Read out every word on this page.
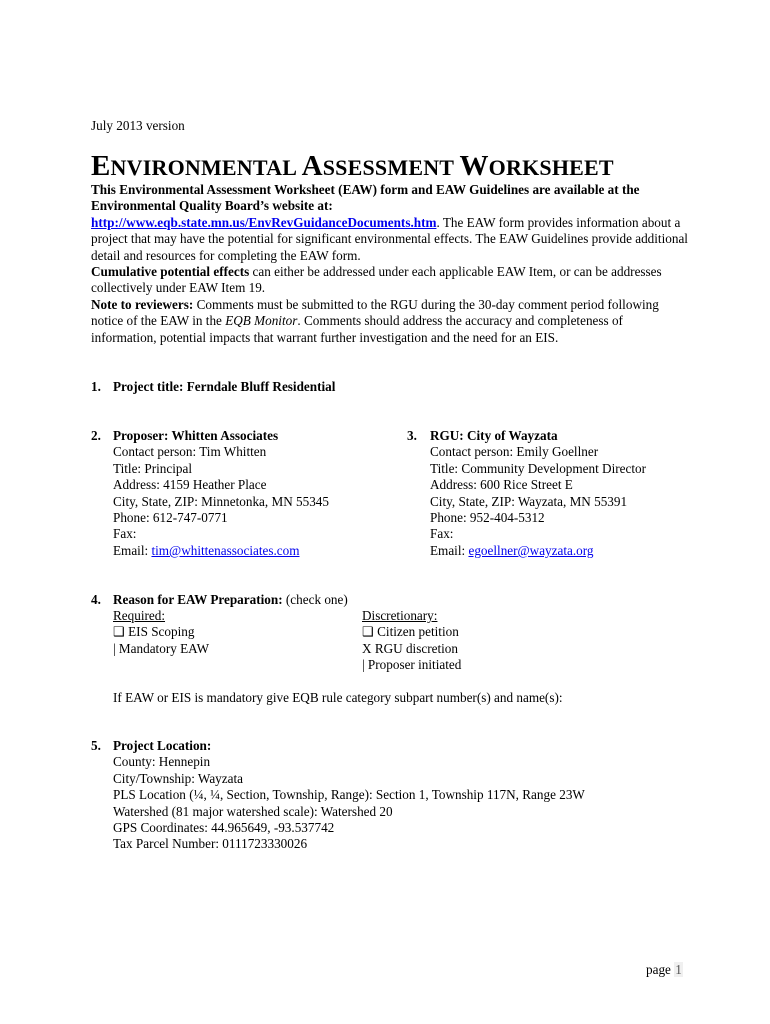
July 2013 version
ENVIRONMENTAL ASSESSMENT WORKSHEET
This Environmental Assessment Worksheet (EAW) form and EAW Guidelines are available at the Environmental Quality Board’s website at:
http://www.eqb.state.mn.us/EnvRevGuidanceDocuments.htm. The EAW form provides information about a project that may have the potential for significant environmental effects. The EAW Guidelines provide additional detail and resources for completing the EAW form.
Cumulative potential effects can either be addressed under each applicable EAW Item, or can be addresses collectively under EAW Item 19.
Note to reviewers: Comments must be submitted to the RGU during the 30-day comment period following notice of the EAW in the EQB Monitor. Comments should address the accuracy and completeness of information, potential impacts that warrant further investigation and the need for an EIS.
1. Project title: Ferndale Bluff Residential
2. Proposer: Whitten Associates
Contact person: Tim Whitten
Title: Principal
Address: 4159 Heather Place
City, State, ZIP: Minnetonka, MN 55345
Phone: 612-747-0771
Fax:
Email: tim@whittenassociates.com
3. RGU: City of Wayzata
Contact person: Emily Goellner
Title: Community Development Director
Address: 600 Rice Street E
City, State, ZIP: Wayzata, MN 55391
Phone: 952-404-5312
Fax:
Email: egoellner@wayzata.org
4. Reason for EAW Preparation: (check one)
Required:
❑ EIS Scoping
| Mandatory EAW
Discretionary:
❑ Citizen petition
X RGU discretion
| Proposer initiated
If EAW or EIS is mandatory give EQB rule category subpart number(s) and name(s):
5. Project Location:
County: Hennepin
City/Township: Wayzata
PLS Location (¼, ¼, Section, Township, Range): Section 1, Township 117N, Range 23W
Watershed (81 major watershed scale): Watershed 20
GPS Coordinates: 44.965649, -93.537742
Tax Parcel Number: 0111723330026
page 1
